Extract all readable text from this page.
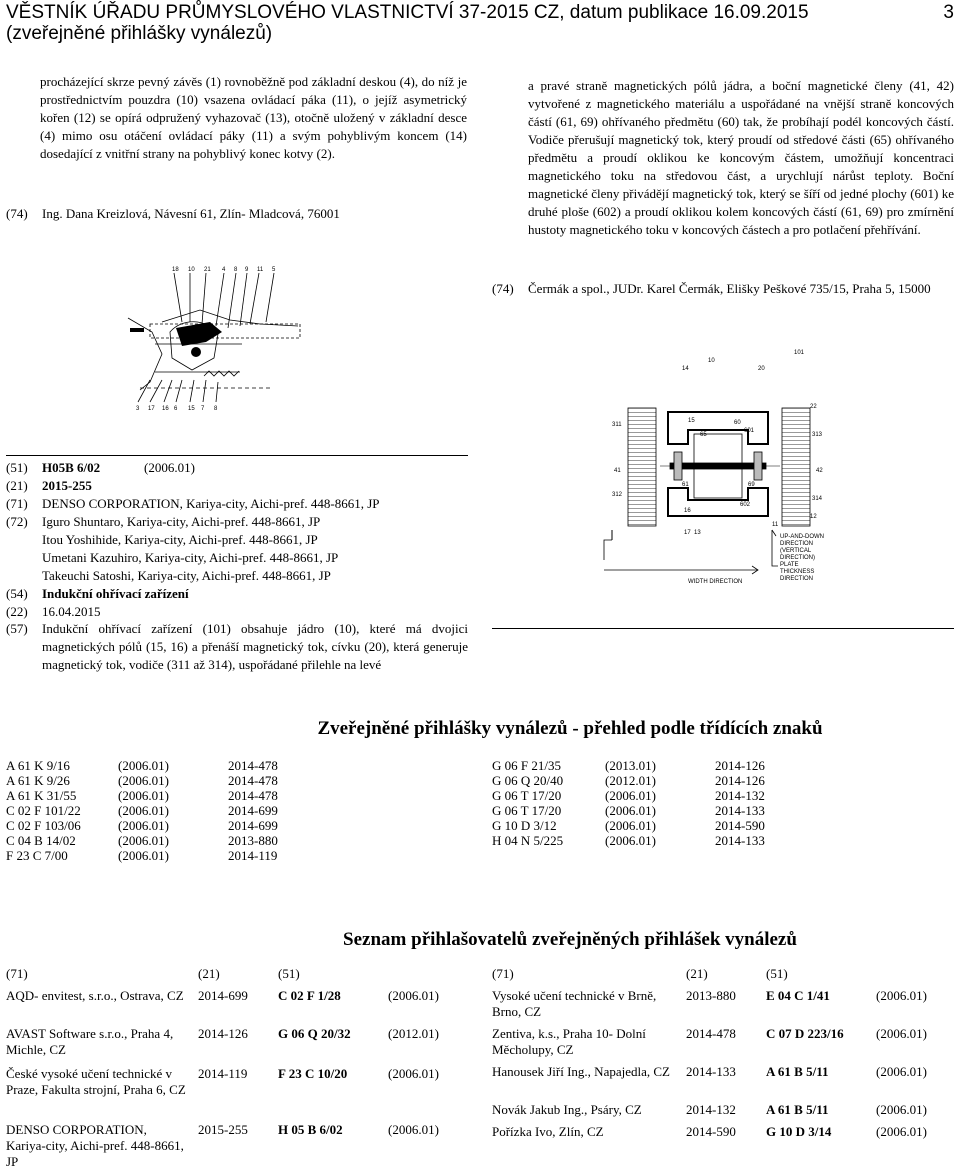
VĚSTNÍK ÚŘADU PRŮMYSLOVÉHO VLASTNICTVÍ 37-2015 CZ, datum publikace 16.09.2015	3
(zveřejněné přihlášky vynálezů)
procházející skrze pevný závěs (1) rovnoběžně pod základní deskou (4), do níž je prostřednictvím pouzdra (10) vsazena ovládací páka (11), o jejíž asymetrický kořen (12) se opírá odpružený vyhazovač (13), otočně uložený v základní desce (4) mimo osu otáčení ovládací páky (11) a svým pohyblivým koncem (14) dosedající z vnitřní strany na pohyblivý konec kotvy (2).
(74)	Ing. Dana Kreizlová, Návesní 61, Zlín- Mladcová, 76001
18 10 21 4 8 9 11 5
3 17 16 6 15 7 8
(51)	H05B 6/02	(2006.01)
(21)	2015-255
(71)	DENSO CORPORATION, Kariya-city, Aichi-pref. 448-8661, JP
(72)	Iguro Shuntaro, Kariya-city, Aichi-pref. 448-8661, JP
Itou Yoshihide, Kariya-city, Aichi-pref. 448-8661, JP
Umetani Kazuhiro, Kariya-city, Aichi-pref. 448-8661, JP
Takeuchi Satoshi, Kariya-city, Aichi-pref. 448-8661, JP
(54)	Indukční ohřívací zařízení
(22)	16.04.2015
(57)	Indukční ohřívací zařízení (101) obsahuje jádro (10), které má dvojici magnetických pólů (15, 16) a přenáší magnetický tok, cívku (20), která generuje magnetický tok, vodiče (311 až 314), uspořádané přilehle na levé
a pravé straně magnetických pólů jádra, a boční magnetické členy (41, 42) vytvořené z magnetického materiálu a uspořádané na vnější straně koncových částí (61, 69) ohřívaného předmětu (60) tak, že probíhají podél koncových částí. Vodiče přerušují magnetický tok, který proudí od středové části (65) ohřívaného předmětu a proudí oklikou ke koncovým částem, umožňují koncentraci magnetického toku na středovou část, a urychlují nárůst teploty. Boční magnetické členy přivádějí magnetický tok, který se šíří od jedné plochy (601) ke druhé ploše (602) a proudí oklikou kolem koncových částí (61, 69) pro zmírnění hustoty magnetického toku v koncových částech a pro potlačení přehřívání.
(74)	Čermák a spol., JUDr. Karel Čermák, Elišky Peškové 735/15, Praha 5, 15000
101
10
14
15
16
20
22
311
313
312
314
41	42
60
601
602
61
65
69
17 13
12
11
UP-AND-DOWN
DIRECTION
(VERTICAL
DIRECTION)
PLATE
THICKNESS
DIRECTION
WIDTH DIRECTION
Zveřejněné přihlášky vynálezů - přehled podle třídících znaků
A 61 K 9/16	(2006.01)	2014-478
A 61 K 9/26	(2006.01)	2014-478
A 61 K 31/55	(2006.01)	2014-478
C 02 F 101/22	(2006.01)	2014-699
C 02 F 103/06	(2006.01)	2014-699
C 04 B 14/02	(2006.01)	2013-880
F 23 C 7/00	(2006.01)	2014-119
G 06 F 21/35	(2013.01)	2014-126
G 06 Q 20/40	(2012.01)	2014-126
G 06 T 17/20	(2006.01)	2014-132
G 06 T 17/20	(2006.01)	2014-133
G 10 D 3/12	(2006.01)	2014-590
H 04 N 5/225	(2006.01)	2014-133
Seznam přihlašovatelů zveřejněných přihlášek vynálezů
(71)	(21)	(51)	
AQD- envitest, s.r.o., Ostrava, CZ	2014-699	C 02 F 1/28	(2006.01)
AVAST Software s.r.o., Praha 4, Michle, CZ	2014-126	G 06 Q 20/32	(2012.01)
České vysoké učení technické v Praze, Fakulta strojní, Praha 6, CZ	2014-119	F 23 C 10/20	(2006.01)
DENSO CORPORATION, Kariya-city, Aichi-pref. 448-8661, JP	2015-255	H 05 B 6/02	(2006.01)
(71)	(21)	(51)	
Vysoké učení technické v Brně, Brno, CZ	2013-880	E 04 C 1/41	(2006.01)
Zentiva, k.s., Praha 10- Dolní Měcholupy, CZ	2014-478	C 07 D 223/16	(2006.01)
Hanousek Jiří Ing., Napajedla, CZ	2014-133	A 61 B 5/11	(2006.01)
Novák Jakub Ing., Psáry, CZ	2014-132	A 61 B 5/11	(2006.01)
Pořízka Ivo, Zlín, CZ	2014-590	G 10 D 3/14	(2006.01)
